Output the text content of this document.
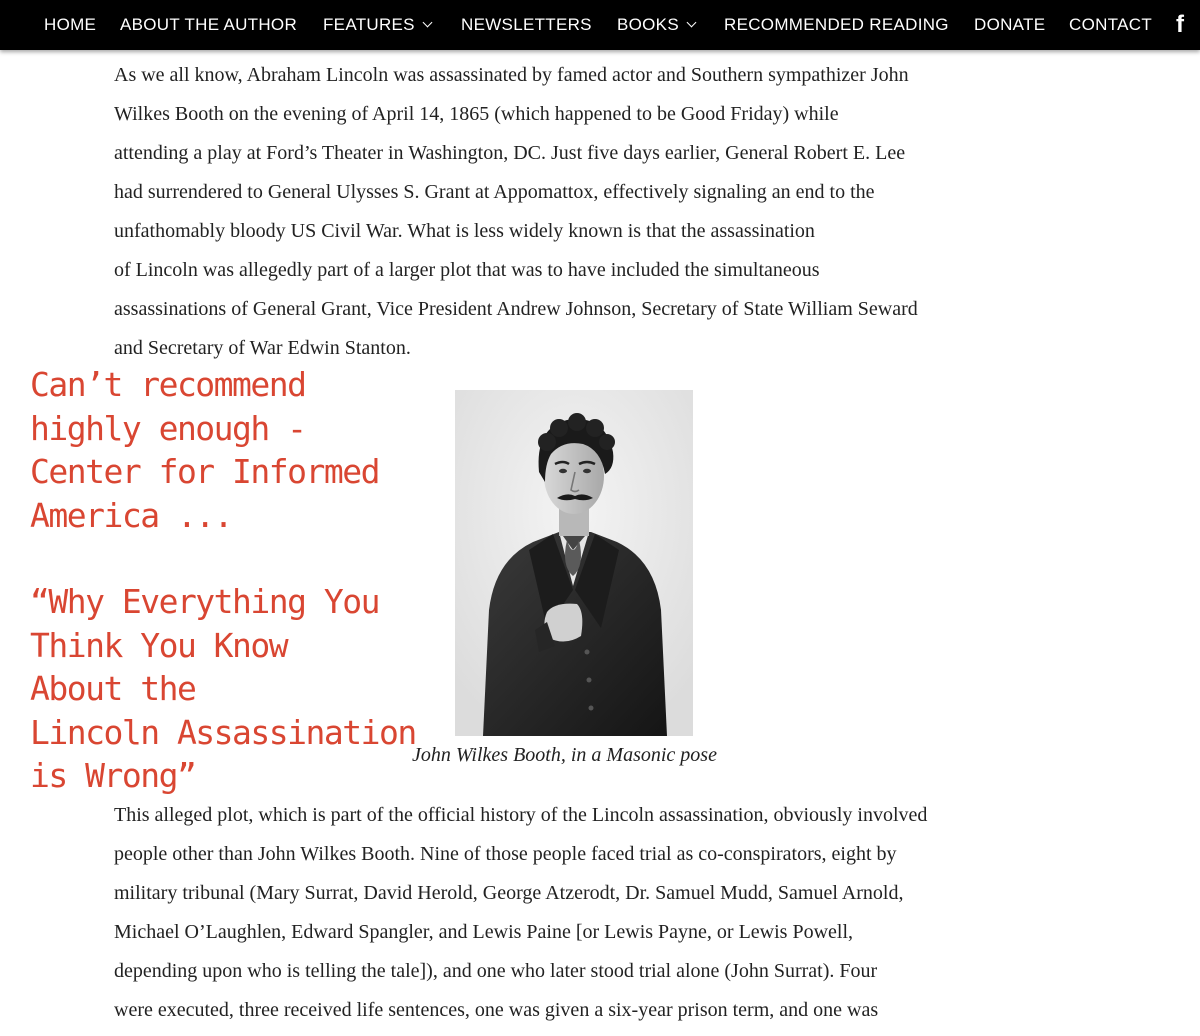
HOME ABOUT THE AUTHOR FEATURES	NEWSLETTERS BOOKS	RECOMMENDED READING DONATE CONTACT f
As we all know, Abraham Lincoln was assassinated by famed actor and Southern sympathizer John
Wilkes Booth on the evening of April 14, 1865 (which happened to be Good Friday) while
attending a play at Ford’s Theater in Washington, DC. Just five days earlier, General Robert E. Lee
had surrendered to General Ulysses S. Grant at Appomattox, effectively signaling an end to the
unfathomably bloody US Civil War. What is less widely known is that the assassination
of Lincoln was allegedly part of a larger plot that was to have included the simultaneous
assassinations of General Grant, Vice President Andrew Johnson, Secretary of State William Seward
and Secretary of War Edwin Stanton.
Can’t recommend
highly enough -
Center for Informed
America ...
“Why Everything You
Think You Know
About the
Lincoln Assassination
is Wrong”
John Wilkes Booth, in a Masonic pose
This alleged plot, which is part of the official history of the Lincoln assassination, obviously involved
people other than John Wilkes Booth. Nine of those people faced trial as co-conspirators, eight by
military tribunal (Mary Surrat, David Herold, George Atzerodt, Dr. Samuel Mudd, Samuel Arnold,
Michael O’Laughlen, Edward Spangler, and Lewis Paine [or Lewis Payne, or Lewis Powell,
depending upon who is telling the tale]), and one who later stood trial alone (John Surrat). Four
were executed, three received life sentences, one was given a six-year prison term, and one was
